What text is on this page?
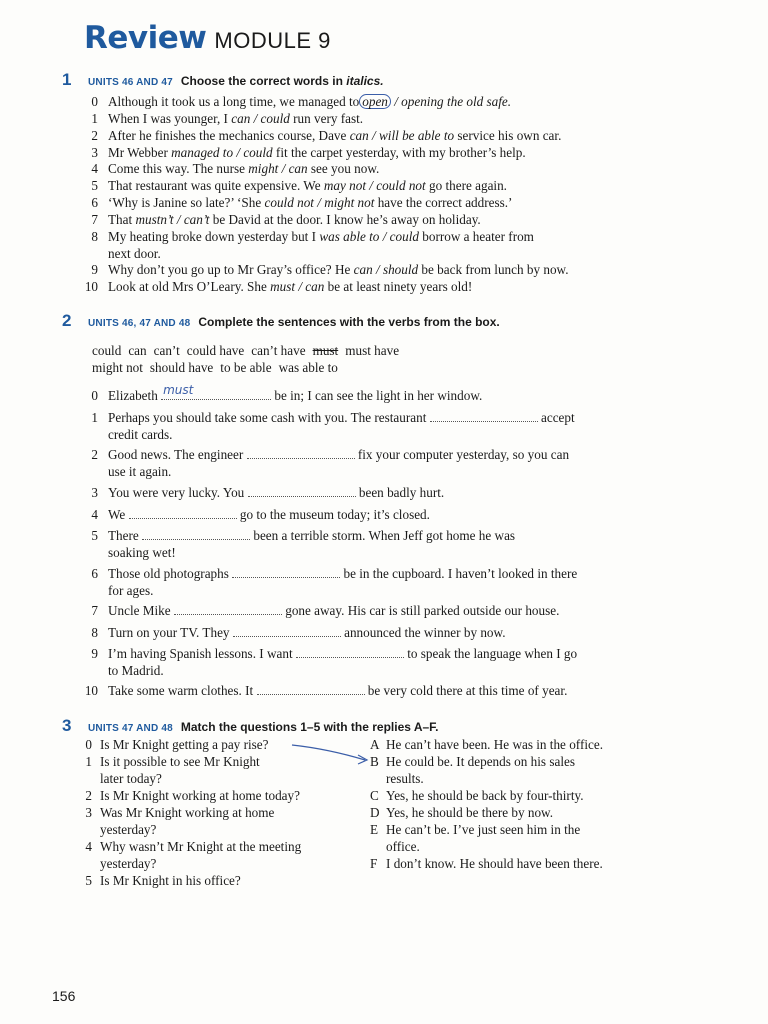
Review MODULE 9
1 UNITS 46 AND 47 Choose the correct words in italics.
0 Although it took us a long time, we managed to open / opening the old safe.
1 When I was younger, I can / could run very fast.
2 After he finishes the mechanics course, Dave can / will be able to service his own car.
3 Mr Webber managed to / could fit the carpet yesterday, with my brother’s help.
4 Come this way. The nurse might / can see you now.
5 That restaurant was quite expensive. We may not / could not go there again.
6 ‘Why is Janine so late?’ ‘She could not / might not have the correct address.’
7 That mustn’t / can’t be David at the door. I know he’s away on holiday.
8 My heating broke down yesterday but I was able to / could borrow a heater from
next door.
9 Why don’t you go up to Mr Gray’s office? He can / should be back from lunch by now.
10 Look at old Mrs O’Leary. She must / can be at least ninety years old!
2 UNITS 46, 47 AND 48 Complete the sentences with the verbs from the box.
could can can’t could have can’t have must must have
might not should have to be able was able to
0 Elizabeth must	be in; I can see the light in her window.
1 Perhaps you should take some cash with you. The restaurant	accept
credit cards.
2 Good news. The engineer	fix your computer yesterday, so you can
use it again.
3 You were very lucky. You	been badly hurt.
4 We	go to the museum today; it’s closed.
5 There	been a terrible storm. When Jeff got home he was
soaking wet!
6 Those old photographs	be in the cupboard. I haven’t looked in there
for ages.
7 Uncle Mike	gone away. His car is still parked outside our house.
8 Turn on your TV. They	announced the winner by now.
9 I’m having Spanish lessons. I want	to speak the language when I go
to Madrid.
10 Take some warm clothes. It	be very cold there at this time of year.
3 UNITS 47 AND 48 Match the questions 1–5 with the replies A–F.
0 Is Mr Knight getting a pay rise?
1 Is it possible to see Mr Knight
later today?
2 Is Mr Knight working at home today?
3 Was Mr Knight working at home
yesterday?
4 Why wasn’t Mr Knight at the meeting
yesterday?
5 Is Mr Knight in his office?
A He can’t have been. He was in the office.
B He could be. It depends on his sales
results.
C Yes, he should be back by four-thirty.
D Yes, he should be there by now.
E He can’t be. I’ve just seen him in the
office.
F I don’t know. He should have been there.
156
